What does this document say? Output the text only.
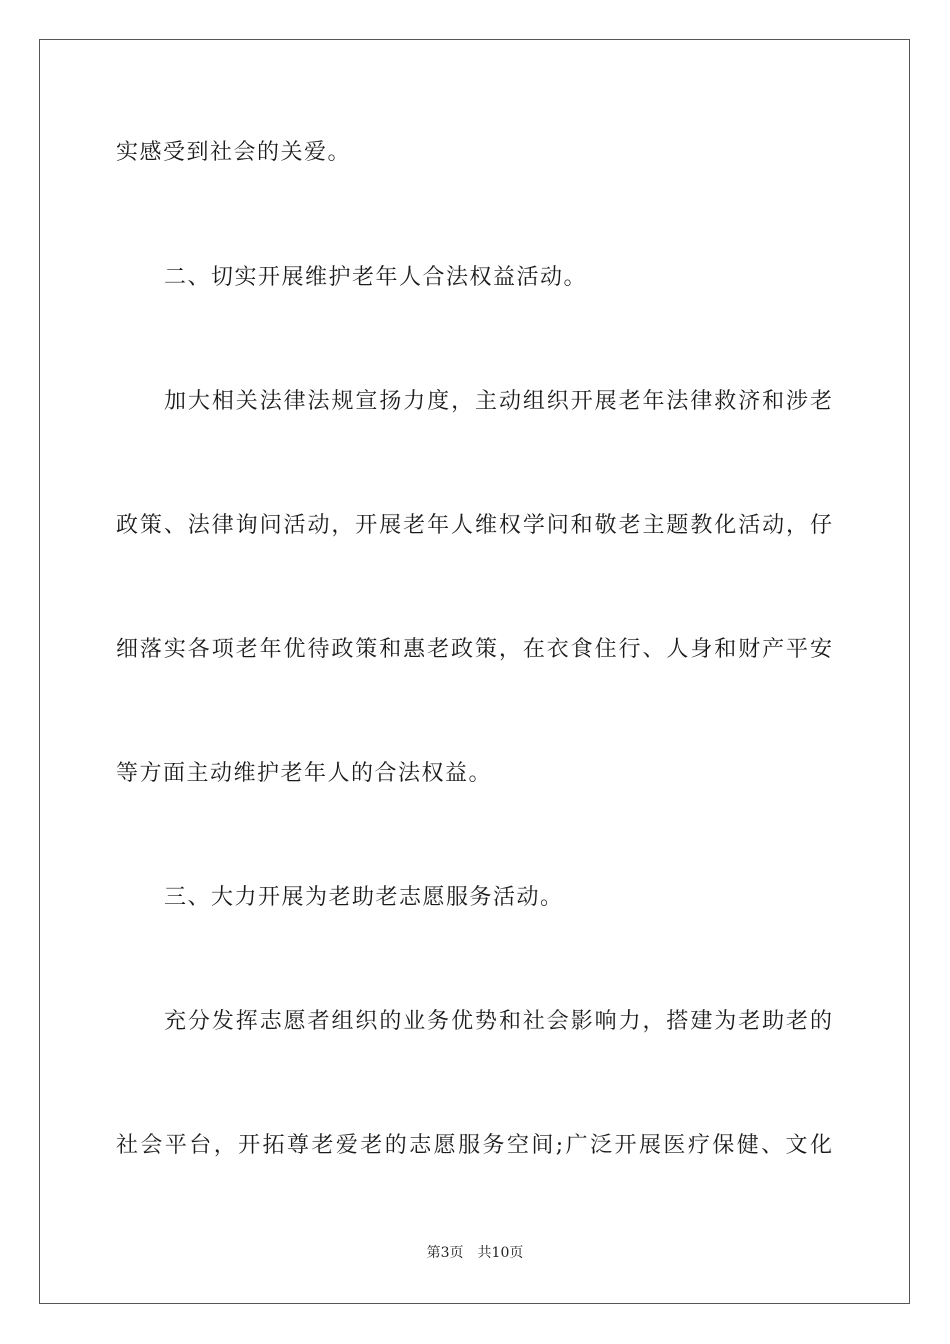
实感受到社会的关爱。
二、切实开展维护老年人合法权益活动。
加大相关法律法规宣扬力度，主动组织开展老年法律救济和涉老
政策、法律询问活动，开展老年人维权学问和敬老主题教化活动，仔
细落实各项老年优待政策和惠老政策，在衣食住行、人身和财产平安
等方面主动维护老年人的合法权益。
三、大力开展为老助老志愿服务活动。
充分发挥志愿者组织的业务优势和社会影响力，搭建为老助老的
社会平台，开拓尊老爱老的志愿服务空间;广泛开展医疗保健、文化
第3页 共10页
